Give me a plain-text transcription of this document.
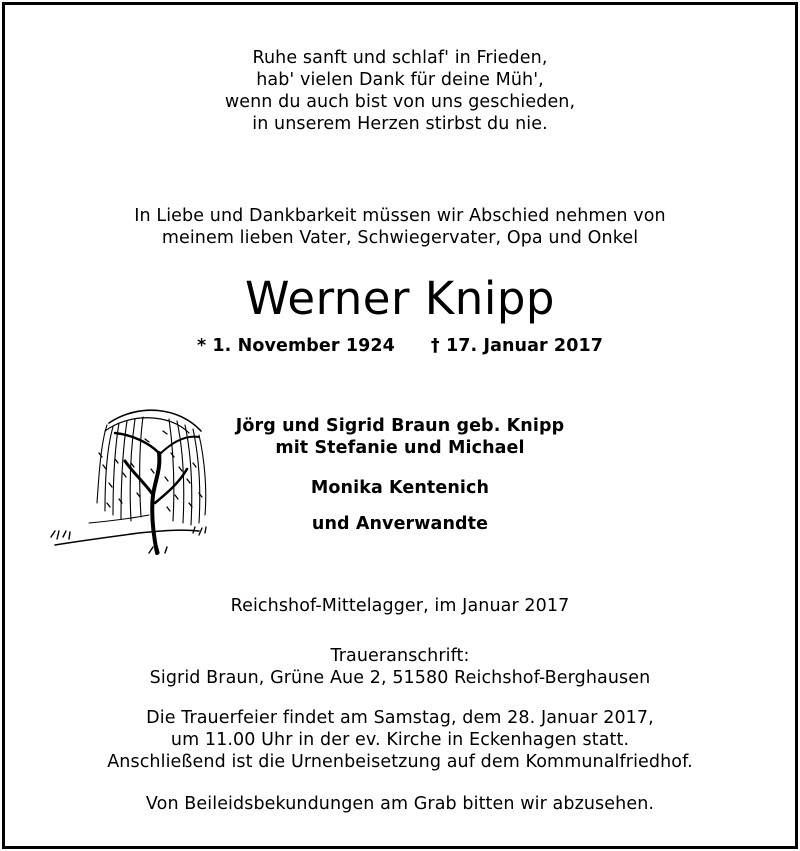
Ruhe sanft und schlaf' in Frieden,
hab' vielen Dank für deine Müh',
wenn du auch bist von uns geschieden,
in unserem Herzen stirbst du nie.
In Liebe und Dankbarkeit müssen wir Abschied nehmen von
meinem lieben Vater, Schwiegervater, Opa und Onkel
Werner Knipp
* 1. November 1924 † 17. Januar 2017
Jörg und Sigrid Braun geb. Knipp
mit Stefanie und Michael
Monika Kentenich
und Anverwandte
Reichshof-Mittelagger, im Januar 2017
Traueranschrift:
Sigrid Braun, Grüne Aue 2, 51580 Reichshof-Berghausen
Die Trauerfeier findet am Samstag, dem 28. Januar 2017,
um 11.00 Uhr in der ev. Kirche in Eckenhagen statt.
Anschließend ist die Urnenbeisetzung auf dem Kommunalfriedhof.
Von Beileidsbekundungen am Grab bitten wir abzusehen.
